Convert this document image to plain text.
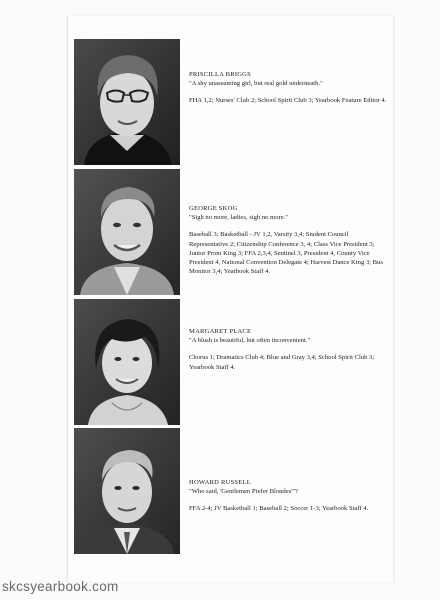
PRISCILLA BRIGGS
"A shy unassuming girl, but real gold underneath."

FHA 1,2; Nurses' Club 2; School Spirit Club 3; Yearbook Feature Editor 4.

GEORGE SKOG
"Sigh no more, ladies, sigh no more."

Baseball 3; Basketball - JV 1,2, Varsity 3,4; Student Council Representative 2; Citizenship Conference 3, 4; Class Vice President 3; Junior Prom King 3; FFA 2,3,4, Sentinel 3, President 4, County Vice President 4, National Convention Delegate 4; Harvest Dance King 3; Bus Monitor 3,4; Yearbook Staff 4.

MARGARET PLACE
"A blush is beautiful, but often inconvenient."

Chorus 1; Dramatics Club 4; Blue and Gray 3,4; School Spirit Club 3; Yearbook Staff 4.

HOWARD RUSSELL
"Who said, 'Gentlemen Prefer Blondes'"?

FFA 2-4; JV Basketball 1; Baseball 2; Soccer 1-3; Yearbook Staff 4.

skcsyearbook.com
